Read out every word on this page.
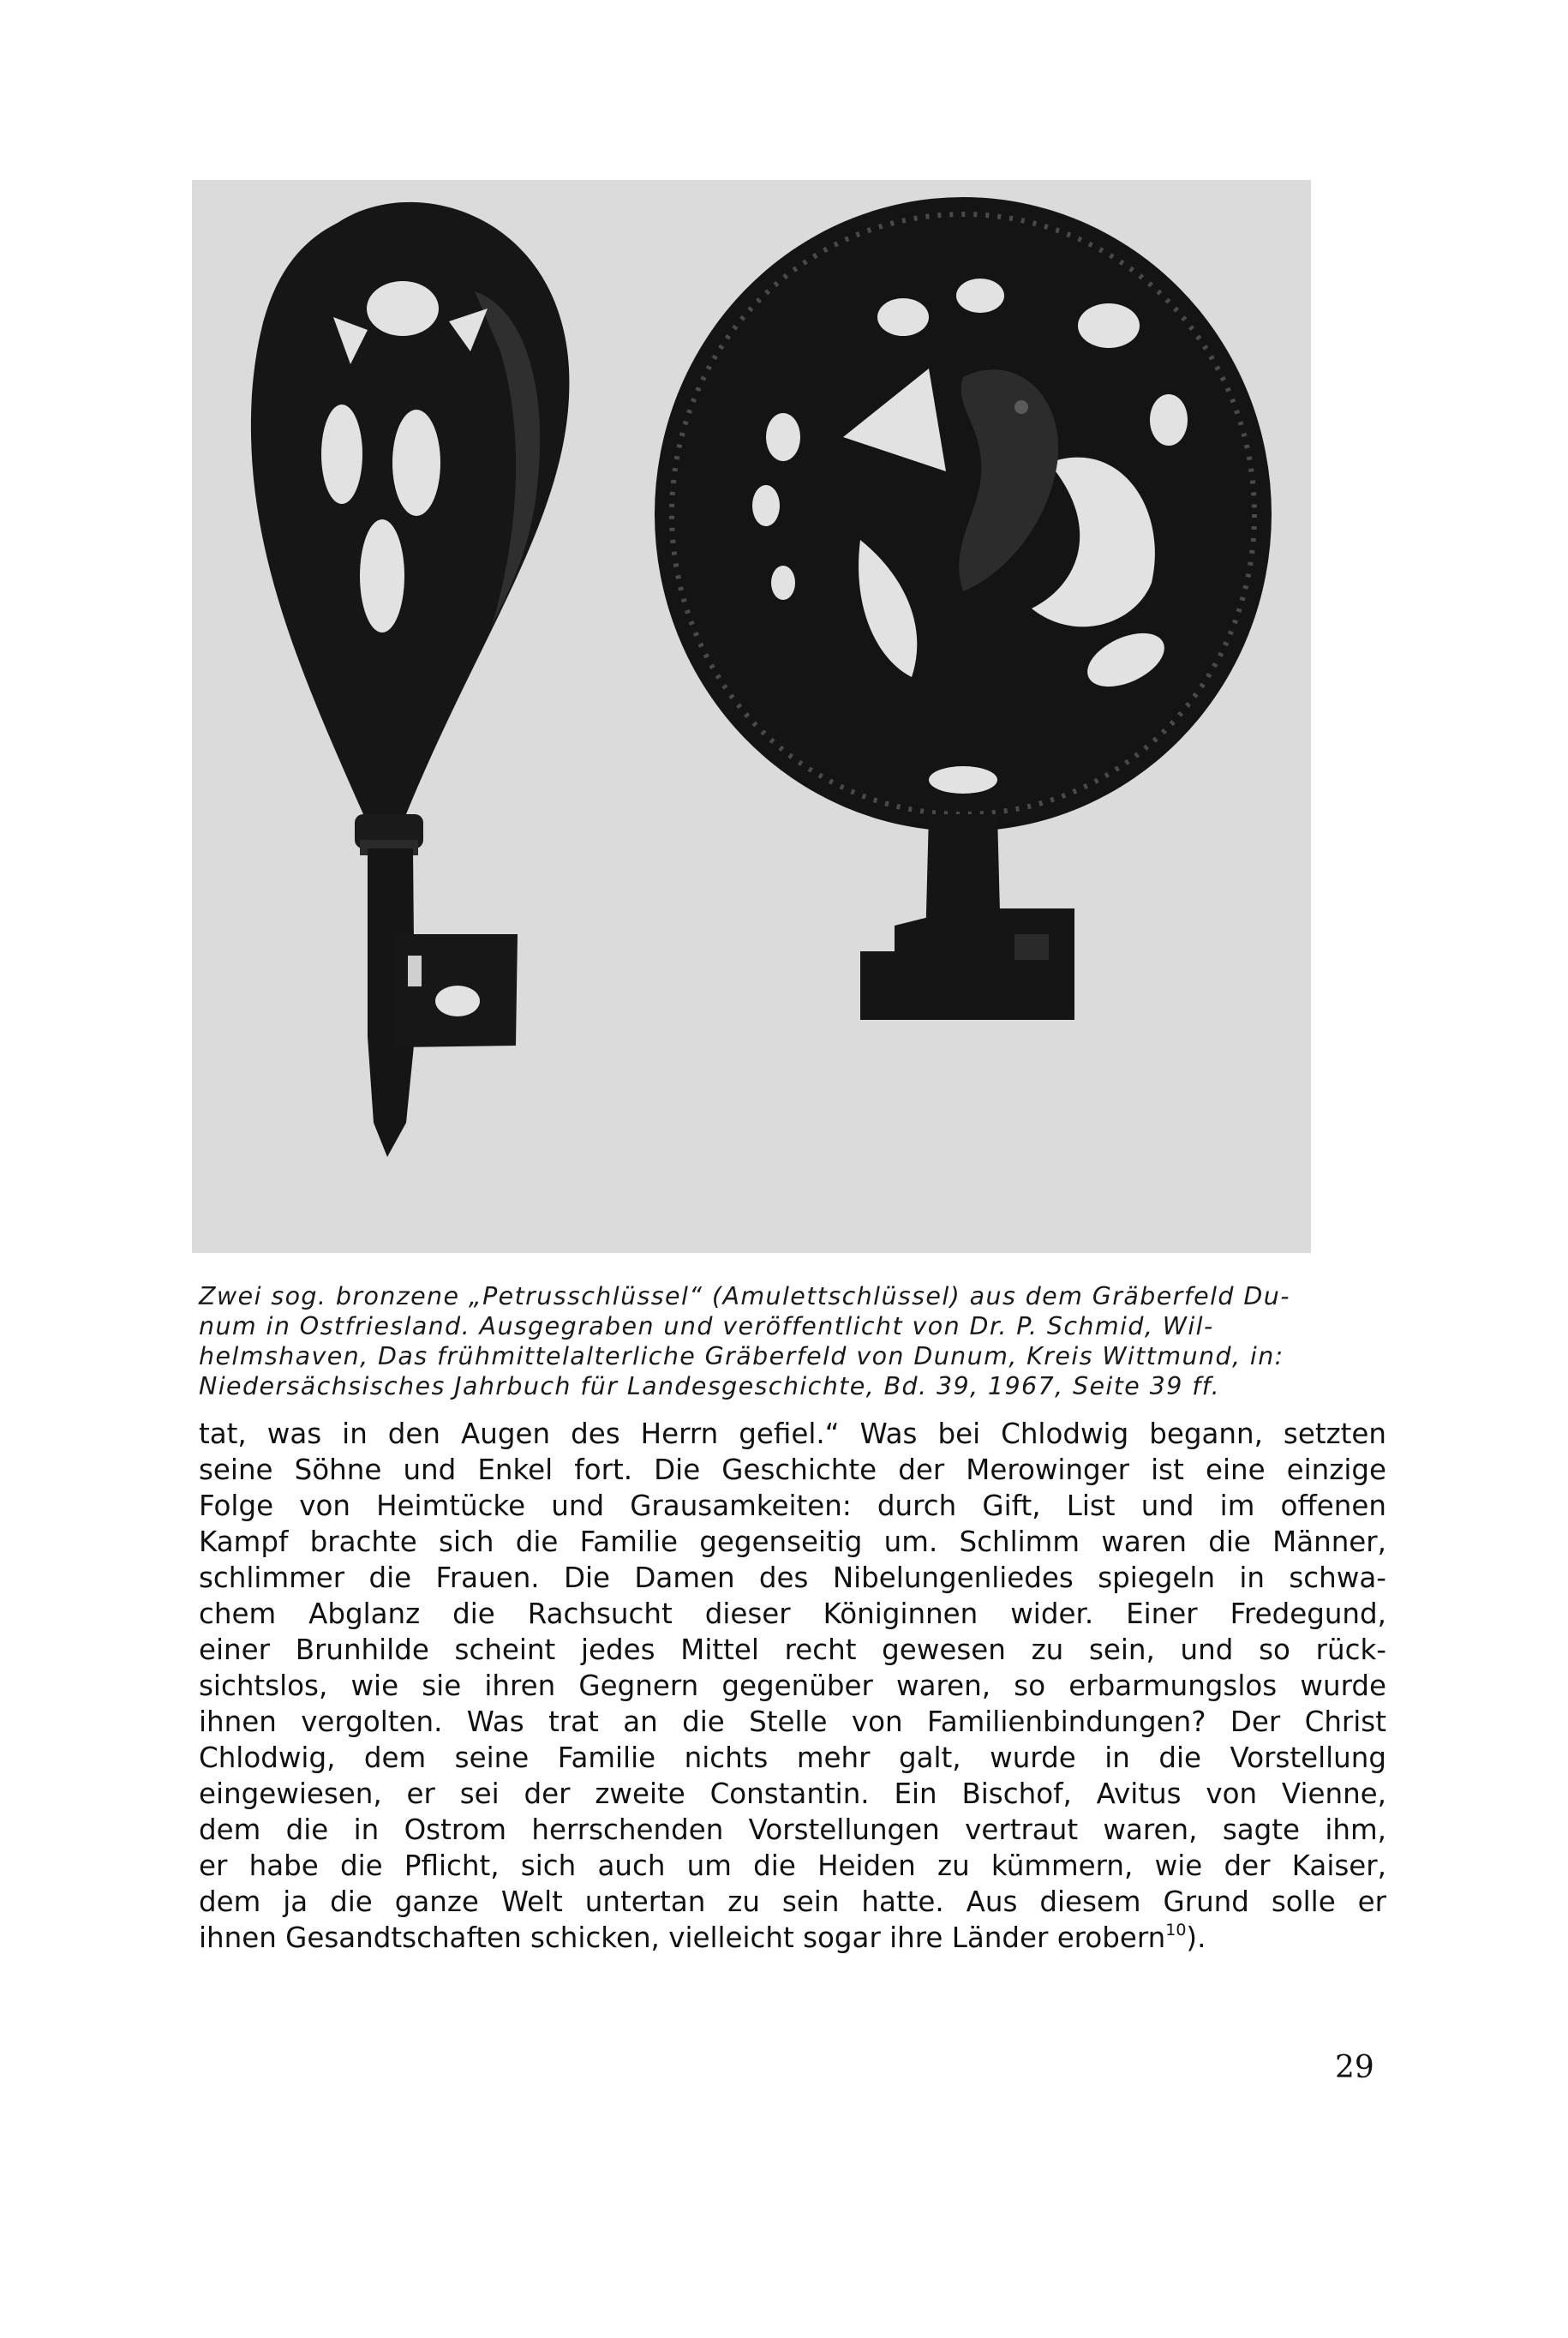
Zwei sog. bronzene „Petrusschlüssel“ (Amulettschlüssel) aus dem Gräberfeld Du-
num in Ostfriesland. Ausgegraben und veröffentlicht von Dr. P. Schmid, Wil-
helmshaven, Das frühmittelalterliche Gräberfeld von Dunum, Kreis Wittmund, in:
Niedersächsisches Jahrbuch für Landesgeschichte, Bd. 39, 1967, Seite 39 ff.
tat, was in den Augen des Herrn gefiel.“ Was bei Chlodwig begann, setzten
seine Söhne und Enkel fort. Die Geschichte der Merowinger ist eine einzige
Folge von Heimtücke und Grausamkeiten: durch Gift, List und im offenen
Kampf brachte sich die Familie gegenseitig um. Schlimm waren die Männer,
schlimmer die Frauen. Die Damen des Nibelungenliedes spiegeln in schwa-
chem Abglanz die Rachsucht dieser Königinnen wider. Einer Fredegund,
einer Brunhilde scheint jedes Mittel recht gewesen zu sein, und so rück-
sichtslos, wie sie ihren Gegnern gegenüber waren, so erbarmungslos wurde
ihnen vergolten. Was trat an die Stelle von Familienbindungen? Der Christ
Chlodwig, dem seine Familie nichts mehr galt, wurde in die Vorstellung
eingewiesen, er sei der zweite Constantin. Ein Bischof, Avitus von Vienne,
dem die in Ostrom herrschenden Vorstellungen vertraut waren, sagte ihm,
er habe die Pflicht, sich auch um die Heiden zu kümmern, wie der Kaiser,
dem ja die ganze Welt untertan zu sein hatte. Aus diesem Grund solle er
ihnen Gesandtschaften schicken, vielleicht sogar ihre Länder erobern$^{10}$).
29
